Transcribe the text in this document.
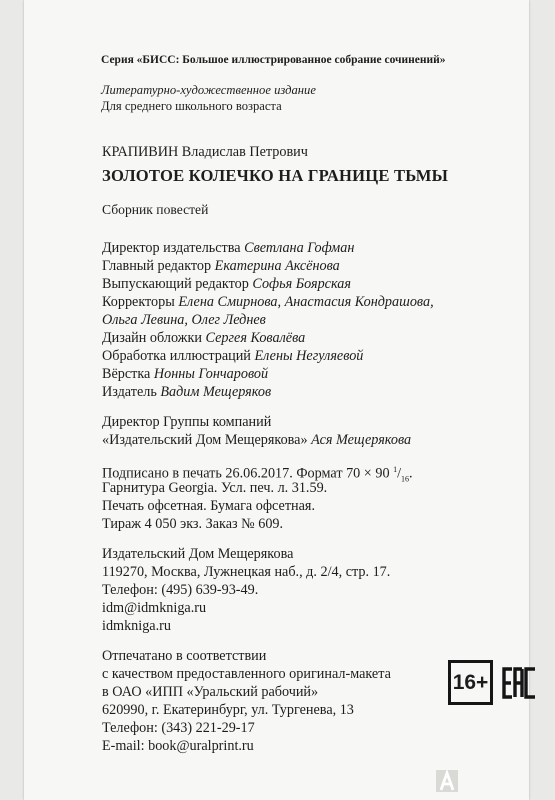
Серия «БИСС: Большое иллюстрированное собрание сочинений»
Литературно-художественное издание
Для среднего школьного возраста
КРАПИВИН Владислав Петрович
ЗОЛОТОЕ КОЛЕЧКО НА ГРАНИЦЕ ТЬМЫ
Сборник повестей
Директор издательства Светлана Гофман
Главный редактор Екатерина Аксёнова
Выпускающий редактор Софья Боярская
Корректоры Елена Смирнова, Анастасия Кондрашова,
Ольга Левина, Олег Леднев
Дизайн обложки Сергея Ковалёва
Обработка иллюстраций Елены Негуляевой
Вёрстка Нонны Гончаровой
Издатель Вадим Мещеряков
Директор Группы компаний
«Издательский Дом Мещерякова» Ася Мещерякова
Подписано в печать 26.06.2017. Формат 70 × 90 $^1/_{16}$.
Гарнитура Georgia. Усл. печ. л. 31.59.
Печать офсетная. Бумага офсетная.
Тираж 4 050 экз. Заказ № 609.
Издательский Дом Мещерякова
119270, Москва, Лужнецкая наб., д. 2/4, стр. 17.
Телефон: (495) 639-93-49.
idm@idmkniga.ru
idmkniga.ru
Отпечатано в соответствии
с качеством предоставленного оригинал-макета
в ОАО «ИПП «Уральский рабочий»
620990, г. Екатеринбург, ул. Тургенева, 13
Телефон: (343) 221-29-17
E-mail: book@uralprint.ru
16+
